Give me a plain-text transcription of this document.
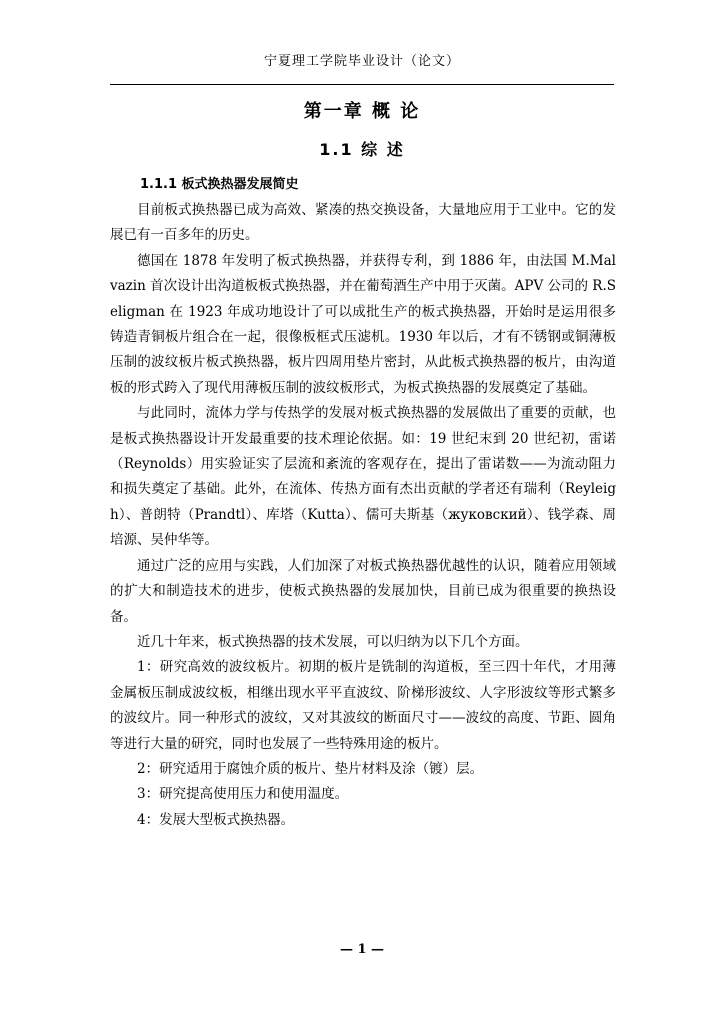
宁夏理工学院毕业设计（论文）
第一章 概 论
1.1 综 述
1.1.1 板式换热器发展简史

目前板式换热器已成为高效、紧凑的热交换设备，大量地应用于工业中。它的发展已有一百多年的历史。

德国在 1878 年发明了板式换热器，并获得专利，到 1886 年，由法国 M.Malvazin 首次设计出沟道板板式换热器，并在葡萄酒生产中用于灭菌。APV 公司的 R.Seligman 在 1923 年成功地设计了可以成批生产的板式换热器，开始时是运用很多铸造青铜板片组合在一起，很像板框式压滤机。1930 年以后，才有不锈钢或铜薄板压制的波纹板片板式换热器，板片四周用垫片密封，从此板式换热器的板片，由沟道板的形式跨入了现代用薄板压制的波纹板形式，为板式换热器的发展奠定了基础。

与此同时，流体力学与传热学的发展对板式换热器的发展做出了重要的贡献，也是板式换热器设计开发最重要的技术理论依据。如：19 世纪末到 20 世纪初，雷诺（Reynolds）用实验证实了层流和紊流的客观存在，提出了雷诺数——为流动阻力和损失奠定了基础。此外，在流体、传热方面有杰出贡献的学者还有瑞利（Reyleigh）、普朗特（Prandtl）、库塔（Kutta）、儒可夫斯基（жуковский）、钱学森、周培源、吴仲华等。

通过广泛的应用与实践，人们加深了对板式换热器优越性的认识，随着应用领域的扩大和制造技术的进步，使板式换热器的发展加快，目前已成为很重要的换热设备。

近几十年来，板式换热器的技术发展，可以归纳为以下几个方面。

1：研究高效的波纹板片。初期的板片是铣制的沟道板，至三四十年代，才用薄金属板压制成波纹板，相继出现水平平直波纹、阶梯形波纹、人字形波纹等形式繁多的波纹片。同一种形式的波纹，又对其波纹的断面尺寸——波纹的高度、节距、圆角等进行大量的研究，同时也发展了一些特殊用途的板片。

2：研究适用于腐蚀介质的板片、垫片材料及涂（镀）层。

3：研究提高使用压力和使用温度。

4：发展大型板式换热器。

— 1 —
